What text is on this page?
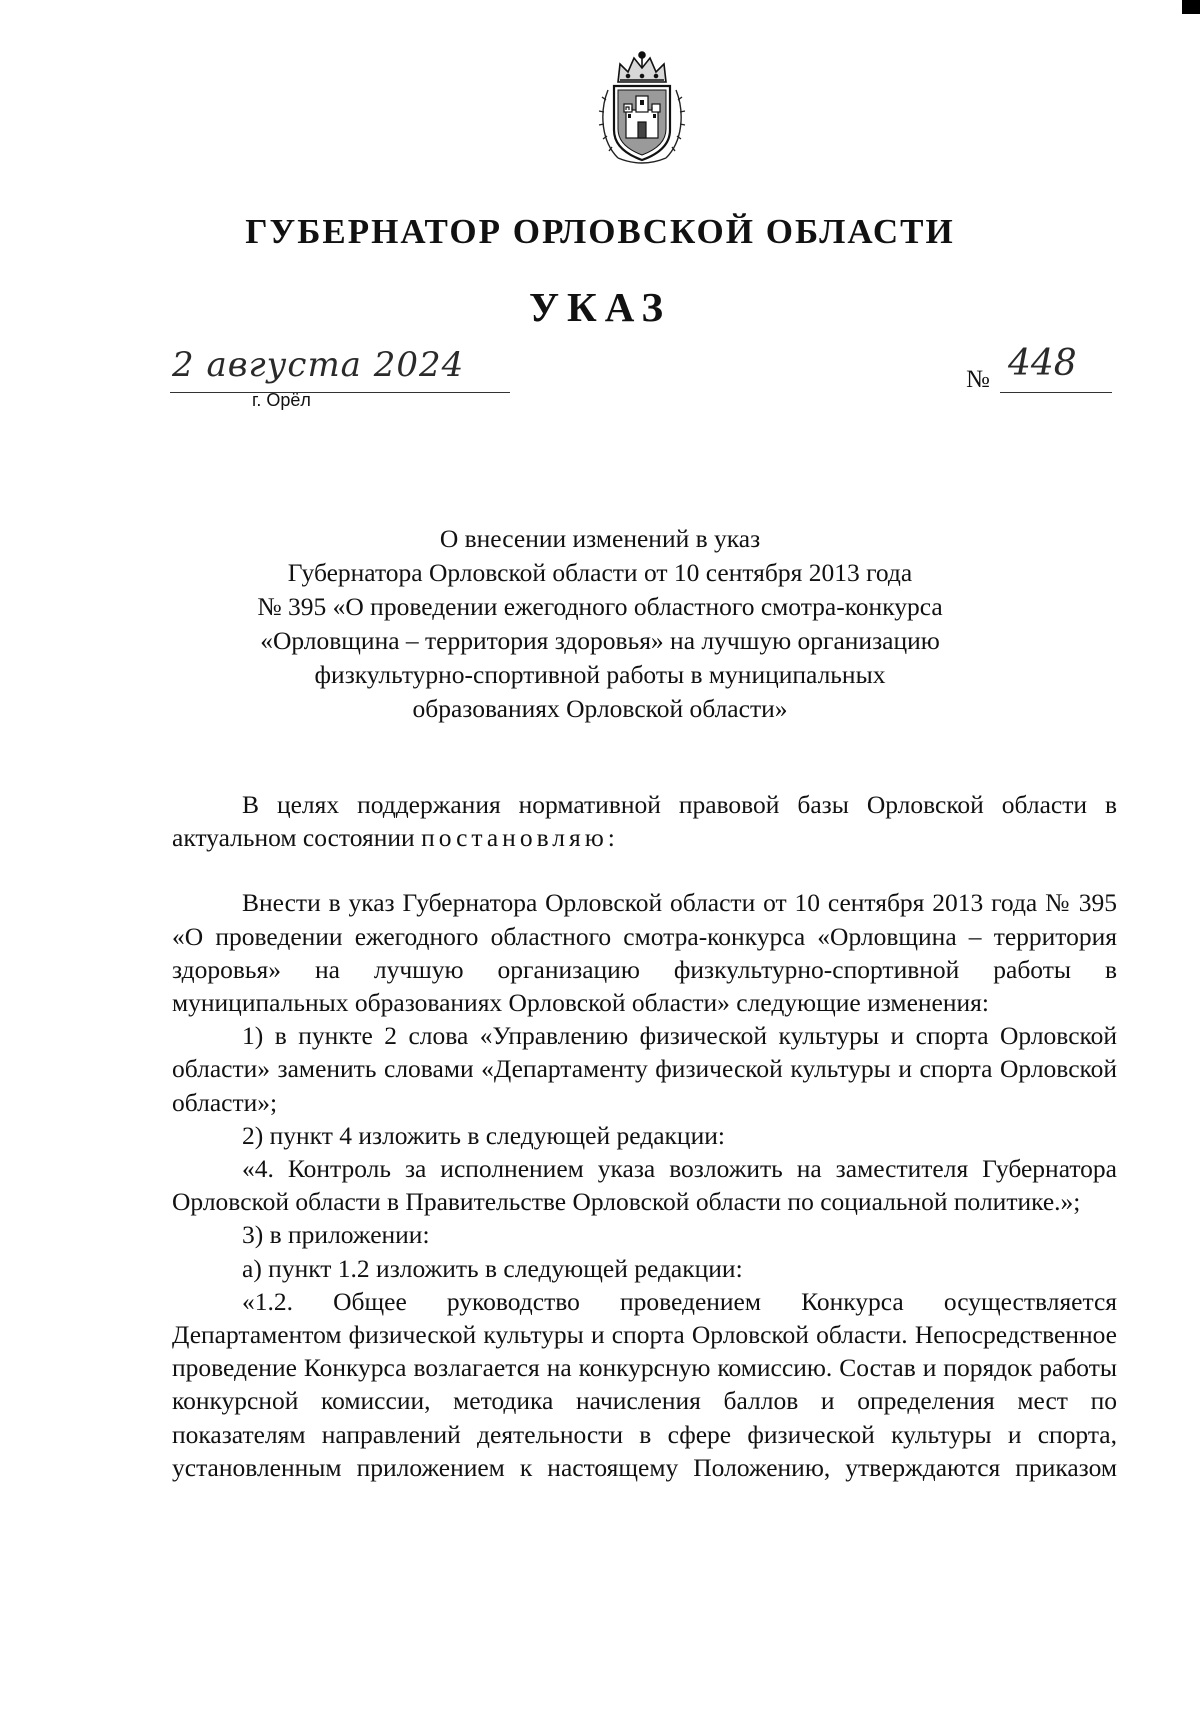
ГУБЕРНАТОР ОРЛОВСКОЙ ОБЛАСТИ
УКАЗ
2 августа 2024
г. Орёл
№ 448
О внесении изменений в указ
Губернатора Орловской области от 10 сентября 2013 года
№ 395 «О проведении ежегодного областного смотра-конкурса
«Орловщина – территория здоровья» на лучшую организацию
физкультурно-спортивной работы в муниципальных
образованиях Орловской области»

В целях поддержания нормативной правовой базы Орловской области в актуальном состоянии постановляю:

Внести в указ Губернатора Орловской области от 10 сентября 2013 года № 395 «О проведении ежегодного областного смотра-конкурса «Орловщина – территория здоровья» на лучшую организацию физкультурно-спортивной работы в муниципальных образованиях Орловской области» следующие изменения:

1) в пункте 2 слова «Управлению физической культуры и спорта Орловской области» заменить словами «Департаменту физической культуры и спорта Орловской области»;

2) пункт 4 изложить в следующей редакции:

«4. Контроль за исполнением указа возложить на заместителя Губернатора Орловской области в Правительстве Орловской области по социальной политике.»;

3) в приложении:

а) пункт 1.2 изложить в следующей редакции:

«1.2. Общее руководство проведением Конкурса осуществляется Департаментом физической культуры и спорта Орловской области. Непосредственное проведение Конкурса возлагается на конкурсную комиссию. Состав и порядок работы конкурсной комиссии, методика начисления баллов и определения мест по показателям направлений деятельности в сфере физической культуры и спорта, установленным приложением к настоящему Положению, утверждаются приказом
